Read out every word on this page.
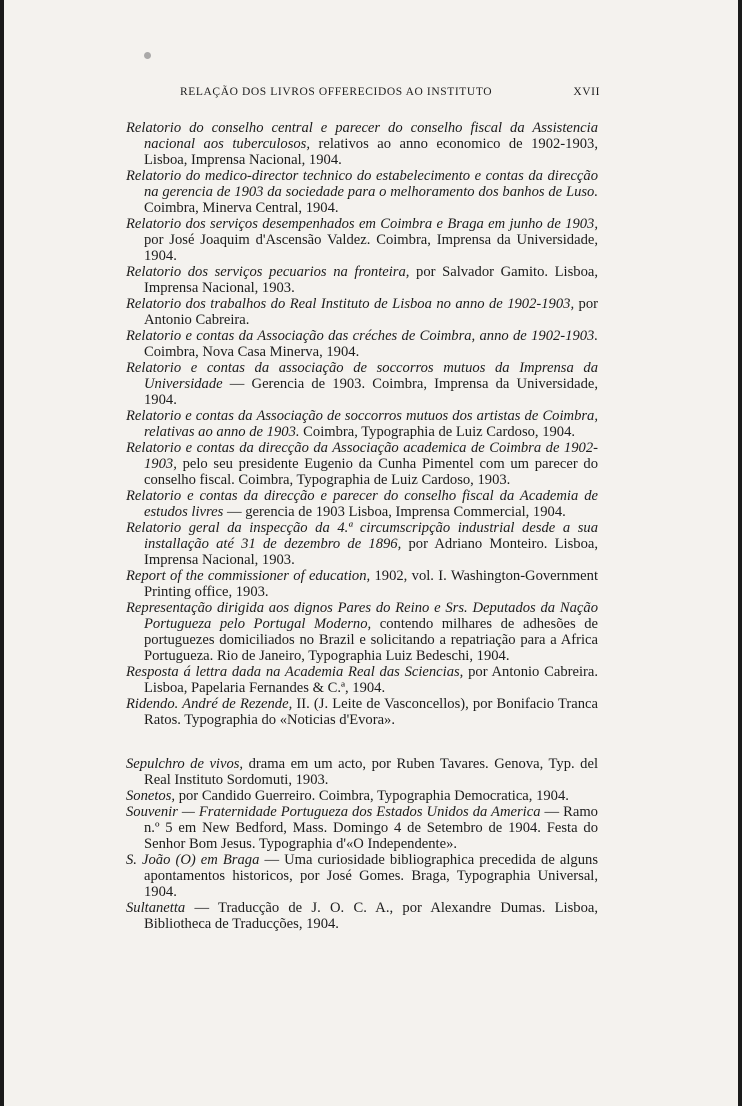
RELAÇÃO DOS LIVROS OFFERECIDOS AO INSTITUTO	XVII

Relatorio do conselho central e parecer do conselho fiscal da Assistencia nacional aos tuberculosos, relativos ao anno economico de 1902-1903, Lisboa, Imprensa Nacional, 1904.

Relatorio do medico-director technico do estabelecimento e contas da direcção na gerencia de 1903 da sociedade para o melhoramento dos banhos de Luso. Coimbra, Minerva Central, 1904.

Relatorio dos serviços desempenhados em Coimbra e Braga em junho de 1903, por José Joaquim d'Ascensão Valdez. Coimbra, Imprensa da Universidade, 1904.

Relatorio dos serviços pecuarios na fronteira, por Salvador Gamito. Lisboa, Imprensa Nacional, 1903.

Relatorio dos trabalhos do Real Instituto de Lisboa no anno de 1902-1903, por Antonio Cabreira.

Relatorio e contas da Associação das créches de Coimbra, anno de 1902-1903. Coimbra, Nova Casa Minerva, 1904.

Relatorio e contas da associação de soccorros mutuos da Imprensa da Universidade — Gerencia de 1903. Coimbra, Imprensa da Universidade, 1904.

Relatorio e contas da Associação de soccorros mutuos dos artistas de Coimbra, relativas ao anno de 1903. Coimbra, Typographia de Luiz Cardoso, 1904.

Relatorio e contas da direcção da Associação academica de Coimbra de 1902-1903, pelo seu presidente Eugenio da Cunha Pimentel com um parecer do conselho fiscal. Coimbra, Typographia de Luiz Cardoso, 1903.

Relatorio e contas da direcção e parecer do conselho fiscal da Academia de estudos livres — gerencia de 1903 Lisboa, Imprensa Commercial, 1904.

Relatorio geral da inspecção da 4.ª circumscripção industrial desde a sua installação até 31 de dezembro de 1896, por Adriano Monteiro. Lisboa, Imprensa Nacional, 1903.

Report of the commissioner of education, 1902, vol. I. Washington-Government Printing office, 1903.

Representação dirigida aos dignos Pares do Reino e Srs. Deputados da Nação Portugueza pelo Portugal Moderno, contendo milhares de adhesões de portuguezes domiciliados no Brazil e solicitando a repatriação para a Africa Portugueza. Rio de Janeiro, Typographia Luiz Bedeschi, 1904.

Resposta á lettra dada na Academia Real das Sciencias, por Antonio Cabreira. Lisboa, Papelaria Fernandes & C.ª, 1904.

Ridendo. André de Rezende, II. (J. Leite de Vasconcellos), por Bonifacio Tranca Ratos. Typographia do «Noticias d'Evora».

Sepulchro de vivos, drama em um acto, por Ruben Tavares. Genova, Typ. del Real Instituto Sordomuti, 1903.

Sonetos, por Candido Guerreiro. Coimbra, Typographia Democratica, 1904.

Souvenir — Fraternidade Portugueza dos Estados Unidos da America — Ramo n.º 5 em New Bedford, Mass. Domingo 4 de Setembro de 1904. Festa do Senhor Bom Jesus. Typographia d'«O Independente».

S. João (O) em Braga — Uma curiosidade bibliographica precedida de alguns apontamentos historicos, por José Gomes. Braga, Typographia Universal, 1904.

Sultanetta — Traducção de J. O. C. A., por Alexandre Dumas. Lisboa, Bibliotheca de Traducções, 1904.
